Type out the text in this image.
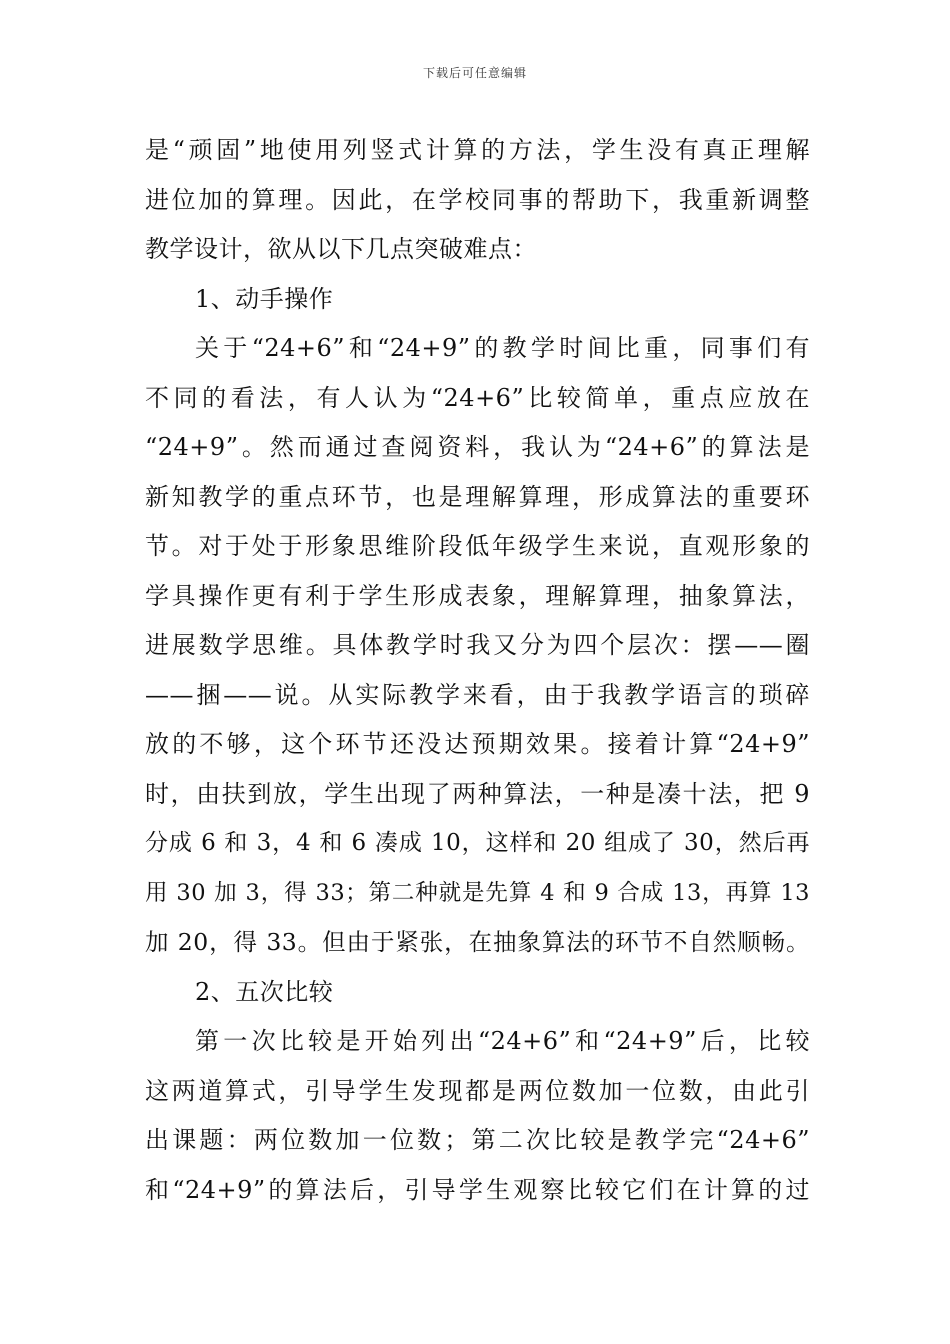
下载后可任意编辑
是“顽固”地使用列竖式计算的方法，学生没有真正理解
进位加的算理。因此，在学校同事的帮助下，我重新调整
教学设计，欲从以下几点突破难点：
1、动手操作
关于“24+6”和“24+9”的教学时间比重，同事们有
不同的看法，有人认为“24+6”比较简单，重点应放在
“24+9”。然而通过查阅资料，我认为“24+6”的算法是
新知教学的重点环节，也是理解算理，形成算法的重要环
节。对于处于形象思维阶段低年级学生来说，直观形象的
学具操作更有利于学生形成表象，理解算理，抽象算法，
进展数学思维。具体教学时我又分为四个层次：摆——圈
——捆——说。从实际教学来看，由于我教学语言的琐碎
放的不够，这个环节还没达预期效果。接着计算“24+9”
时，由扶到放，学生出现了两种算法，一种是凑十法，把 9
分成 6 和 3，4 和 6 凑成 10，这样和 20 组成了 30，然后再
用 30 加 3，得 33；第二种就是先算 4 和 9 合成 13，再算 13
加 20，得 33。但由于紧张，在抽象算法的环节不自然顺畅。
2、五次比较
第一次比较是开始列出“24+6”和“24+9”后，比较
这两道算式，引导学生发现都是两位数加一位数，由此引
出课题：两位数加一位数；第二次比较是教学完“24+6”
和“24+9”的算法后，引导学生观察比较它们在计算的过
